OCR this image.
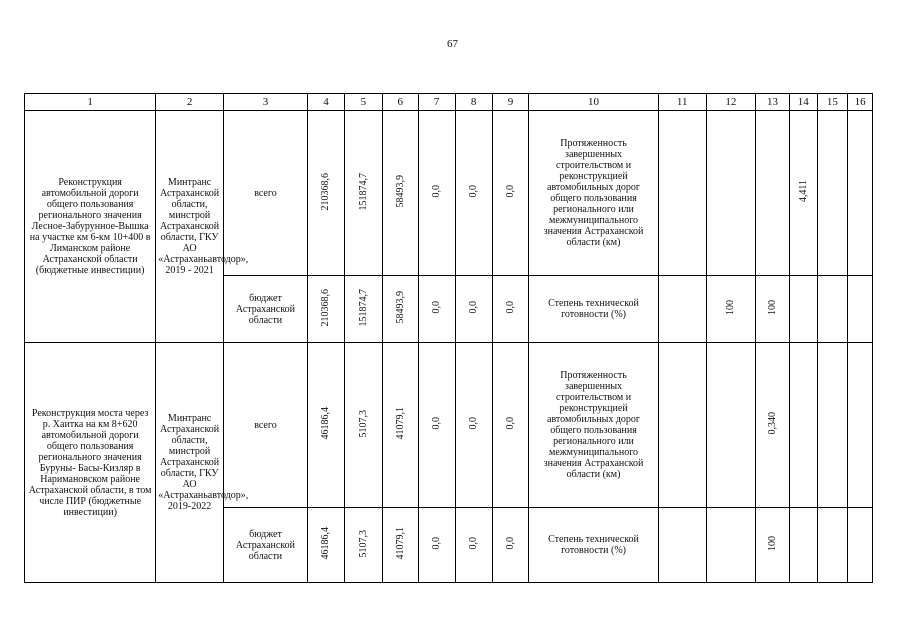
67
1	2	3	4	5	6	7	8	9	10	11	12	13	14	15	16
Реконструкция автомобильной дороги общего пользования регионального значения Лесное-Забурунное-Вышка на участке км 6-км 10+400 в Лиманском районе Астраханской области (бюджетные инвестиции)	Минтранс Астраханской области, минстрой Астраханской области, ГКУ АО «Астраханьавтодор», 2019 - 2021	всего	210368,6	151874,7	58493,9	0,0	0,0	0,0	Протяженность завершенных строительством и реконструкцией автомобильных дорог общего пользования регионального или межмуниципального значения Астраханской области (км)				4,411		
		бюджет Астраханской области	210368,6	151874,7	58493,9	0,0	0,0	0,0	Степень технической готовности (%)		100	100			
Реконструкция моста через р. Хаитка на км 8+620 автомобильной дороги общего пользования регионального значения Буруны- Басы-Кизляр в Наримановском районе Астраханской области, в том числе ПИР (бюджетные инвестиции)	Минтранс Астраханской области, минстрой Астраханской области, ГКУ АО «Астраханьавтодор», 2019-2022	всего	46186,4	5107,3	41079,1	0,0	0,0	0,0	Протяженность завершенных строительством и реконструкцией автомобильных дорог общего пользования регионального или межмуниципального значения Астраханской области (км)			0,340			
		бюджет Астраханской области	46186,4	5107,3	41079,1	0,0	0,0	0,0	Степень технической готовности (%)			100			
